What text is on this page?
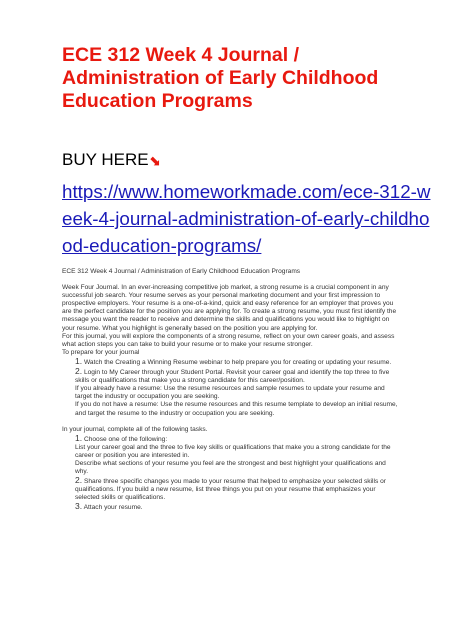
ECE 312 Week 4 Journal / Administration of Early Childhood Education Programs
BUY HERE⬊
https://www.homeworkmade.com/ece-312-week-4-journal-administration-of-early-childhood-education-programs/

ECE 312 Week 4 Journal / Administration of Early Childhood Education Programs

Week Four Journal. In an ever-increasing competitive job market, a strong resume is a crucial component in any successful job search. Your resume serves as your personal marketing document and your first impression to prospective employers. Your resume is a one-of-a-kind, quick and easy reference for an employer that proves you are the perfect candidate for the position you are applying for. To create a strong resume, you must first identify the message you want the reader to receive and determine the skills and qualifications you would like to highlight on your resume. What you highlight is generally based on the position you are applying for.

For this journal, you will explore the components of a strong resume, reflect on your own career goals, and assess what action steps you can take to build your resume or to make your resume stronger.

To prepare for your journal

1. Watch the Creating a Winning Resume webinar to help prepare you for creating or updating your resume.

2. Login to My Career through your Student Portal. Revisit your career goal and identify the top three to five skills or qualifications that make you a strong candidate for this career/position.

If you already have a resume: Use the resume resources and sample resumes to update your resume and target the industry or occupation you are seeking.

If you do not have a resume: Use the resume resources and this resume template to develop an initial resume, and target the resume to the industry or occupation you are seeking.

In your journal, complete all of the following tasks.

1. Choose one of the following:

List your career goal and the three to five key skills or qualifications that make you a strong candidate for the career or position you are interested in.

Describe what sections of your resume you feel are the strongest and best highlight your qualifications and why.

2. Share three specific changes you made to your resume that helped to emphasize your selected skills or qualifications. If you build a new resume, list three things you put on your resume that emphasizes your selected skills or qualifications.

3. Attach your resume.
